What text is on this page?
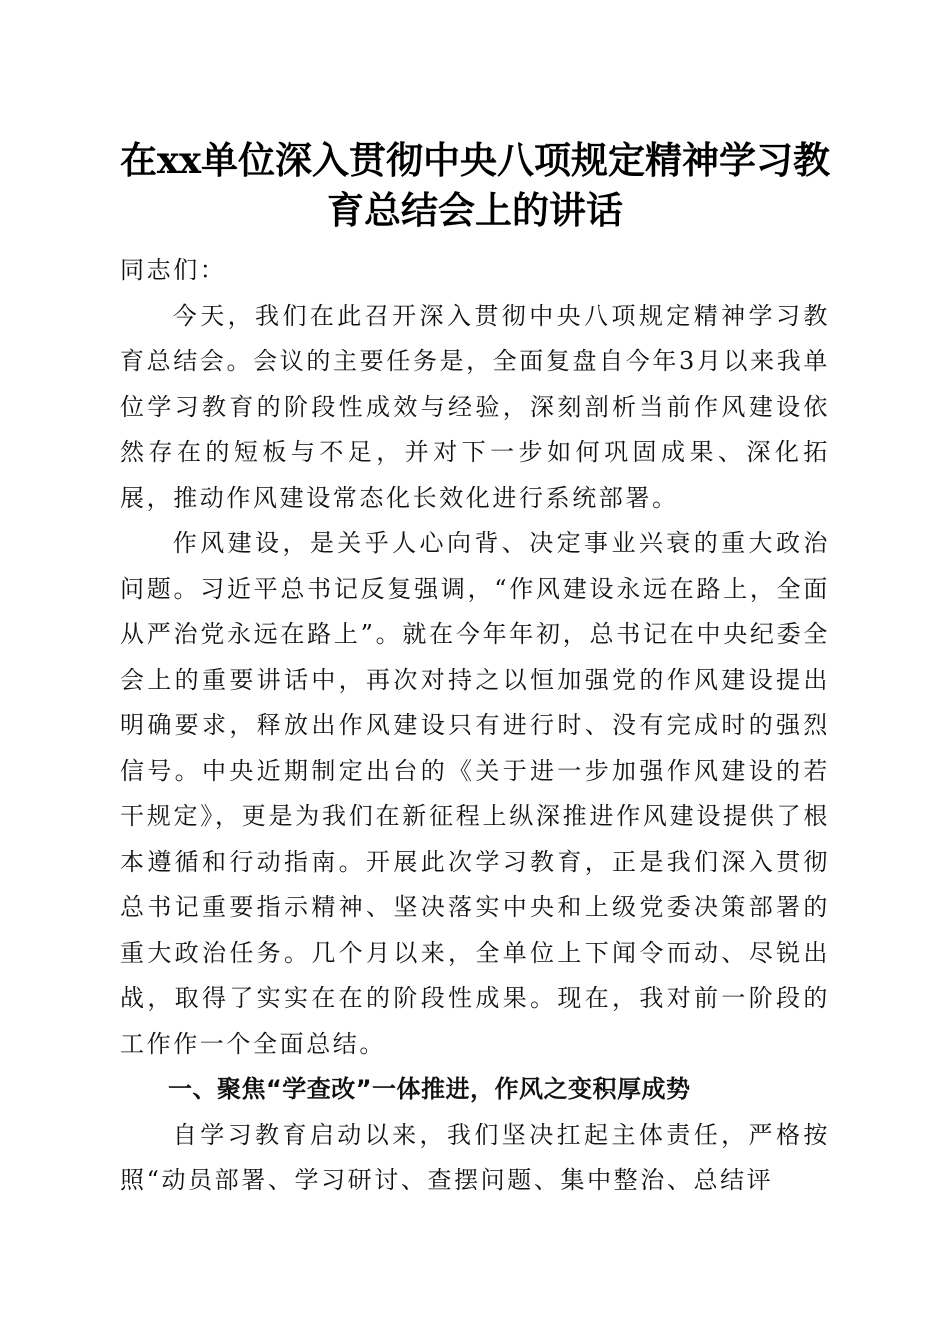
在xx单位深入贯彻中央八项规定精神学习教
育总结会上的讲话

同志们：

今天，我们在此召开深入贯彻中央八项规定精神学习教育总结会。会议的主要任务是，全面复盘自今年3月以来我单位学习教育的阶段性成效与经验，深刻剖析当前作风建设依然存在的短板与不足，并对下一步如何巩固成果、深化拓展，推动作风建设常态化长效化进行系统部署。

作风建设，是关乎人心向背、决定事业兴衰的重大政治问题。习近平总书记反复强调，“作风建设永远在路上，全面从严治党永远在路上”。就在今年年初，总书记在中央纪委全会上的重要讲话中，再次对持之以恒加强党的作风建设提出明确要求，释放出作风建设只有进行时、没有完成时的强烈信号。中央近期制定出台的《关于进一步加强作风建设的若干规定》，更是为我们在新征程上纵深推进作风建设提供了根本遵循和行动指南。开展此次学习教育，正是我们深入贯彻总书记重要指示精神、坚决落实中央和上级党委决策部署的重大政治任务。几个月以来，全单位上下闻令而动、尽锐出战，取得了实实在在的阶段性成果。现在，我对前一阶段的工作作一个全面总结。

一、聚焦“学查改”一体推进，作风之变积厚成势

自学习教育启动以来，我们坚决扛起主体责任，严格按照“动员部署、学习研讨、查摆问题、集中整治、总结评
